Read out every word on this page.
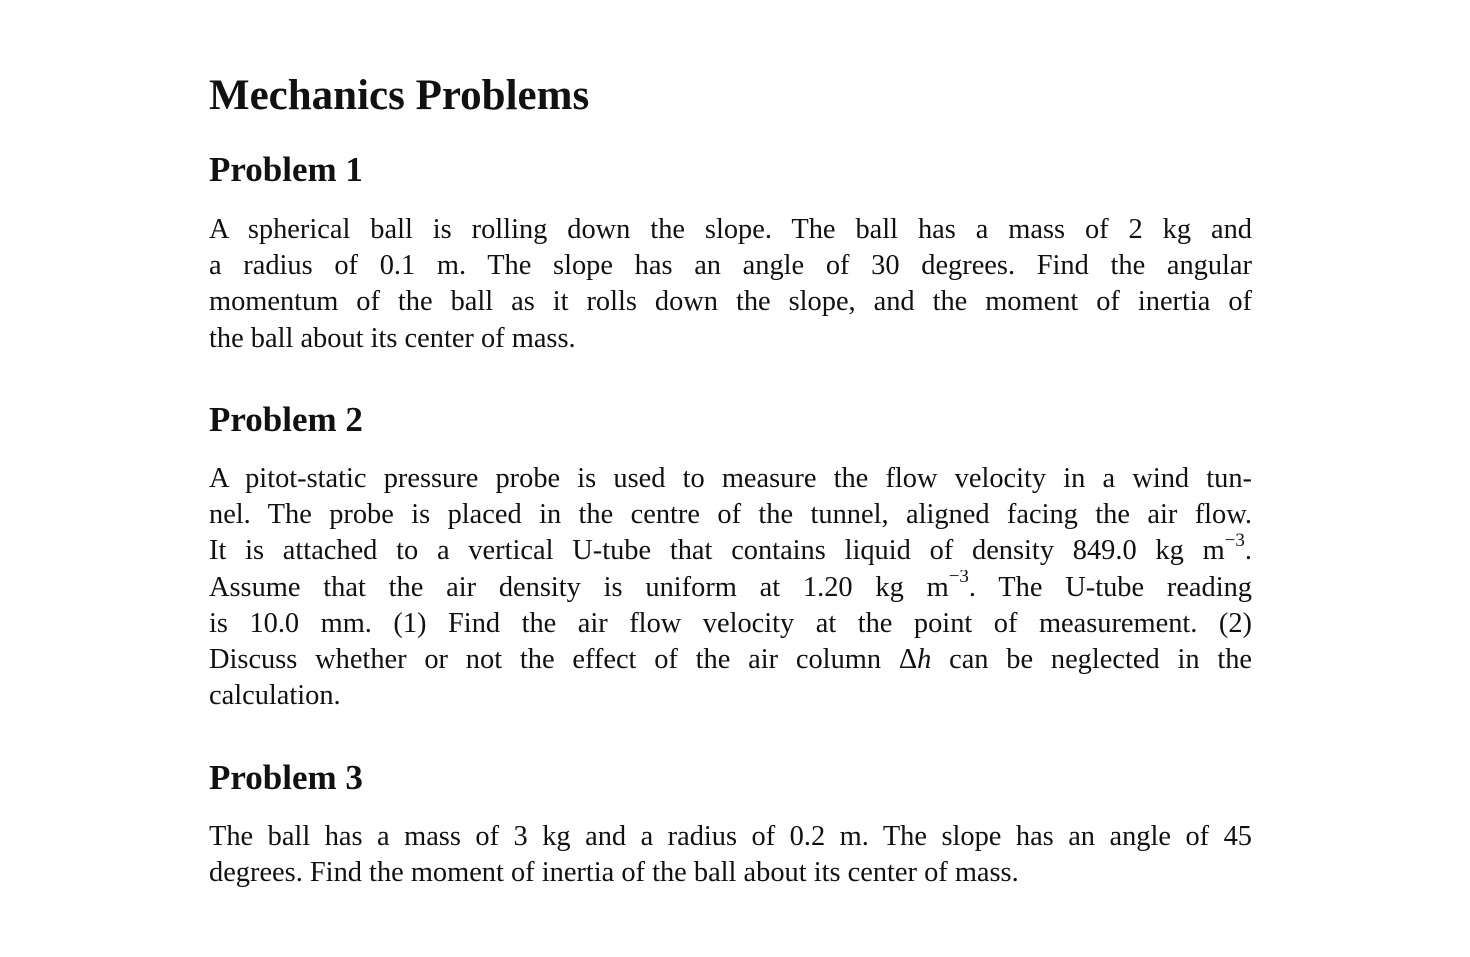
Mechanics Problems
Problem 1
A spherical ball is rolling down the slope. The ball has a mass of 2 kg and
a radius of 0.1 m. The slope has an angle of 30 degrees. Find the angular
momentum of the ball as it rolls down the slope, and the moment of inertia of
the ball about its center of mass.
Problem 2
A pitot-static pressure probe is used to measure the flow velocity in a wind tun-
nel. The probe is placed in the centre of the tunnel, aligned facing the air flow.
It is attached to a vertical U-tube that contains liquid of density 849.0 kg $m^{-3}$.
Assume that the air density is uniform at 1.20 kg $m^{-3}$. The U-tube reading
is 10.0 mm. (1) Find the air flow velocity at the point of measurement. (2)
Discuss whether or not the effect of the air column Δh can be neglected in the
calculation.
Problem 3
The ball has a mass of 3 kg and a radius of 0.2 m. The slope has an angle of 45
degrees. Find the moment of inertia of the ball about its center of mass.
